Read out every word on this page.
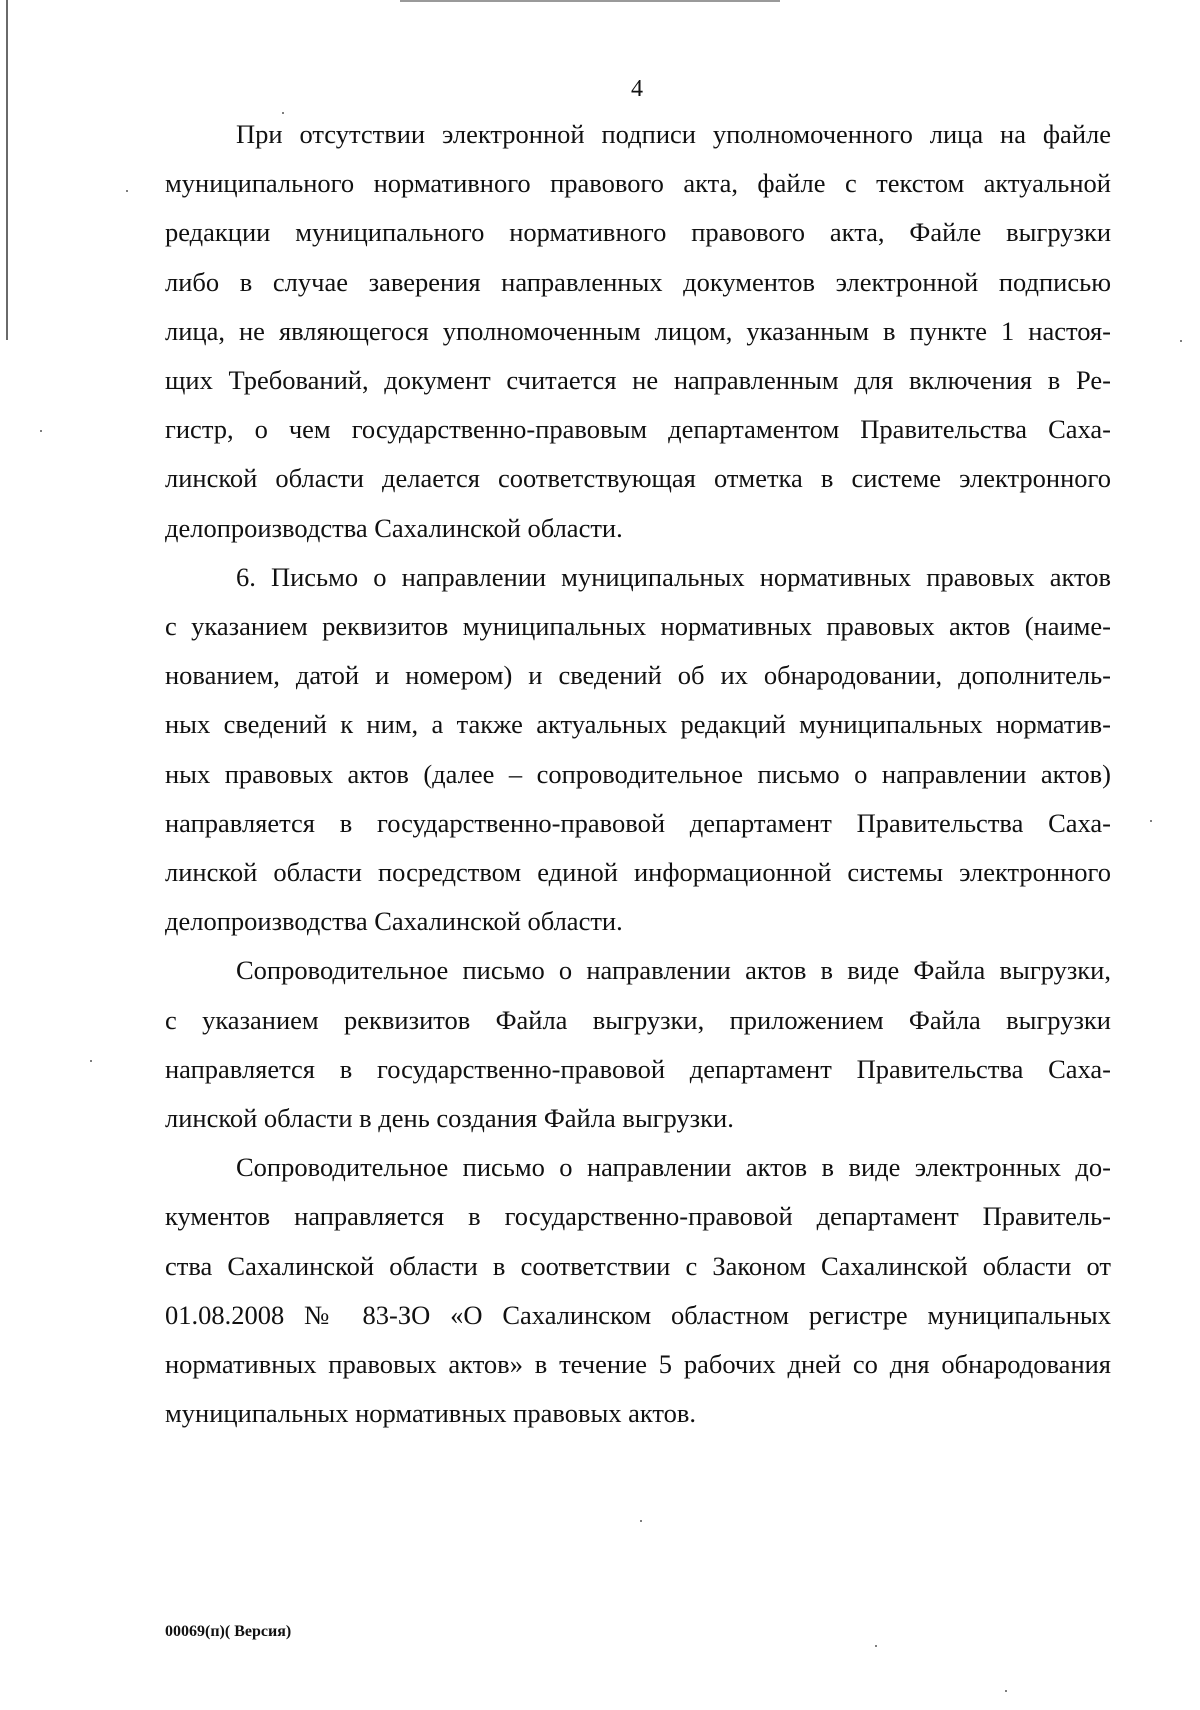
4

При отсутствии электронной подписи уполномоченного лица на файле
муниципального нормативного правового акта, файле с текстом актуальной
редакции муниципального нормативного правового акта, Файле выгрузки
либо в случае заверения направленных документов электронной подписью
лица, не являющегося уполномоченным лицом, указанным в пункте 1 настоя-
щих Требований, документ считается не направленным для включения в Ре-
гистр, о чем государственно-правовым департаментом Правительства Саха-
линской области делается соответствующая отметка в системе электронного
делопроизводства Сахалинской области.

6. Письмо о направлении муниципальных нормативных правовых актов
с указанием реквизитов муниципальных нормативных правовых актов (наиме-
нованием, датой и номером) и сведений об их обнародовании, дополнитель-
ных сведений к ним, а также актуальных редакций муниципальных норматив-
ных правовых актов (далее – сопроводительное письмо о направлении актов)
направляется в государственно-правовой департамент Правительства Саха-
линской области посредством единой информационной системы электронного
делопроизводства Сахалинской области.

Сопроводительное письмо о направлении актов в виде Файла выгрузки,
с указанием реквизитов Файла выгрузки, приложением Файла выгрузки
направляется в государственно-правовой департамент Правительства Саха-
линской области в день создания Файла выгрузки.

Сопроводительное письмо о направлении актов в виде электронных до-
кументов направляется в государственно-правовой департамент Правитель-
ства Сахалинской области в соответствии с Законом Сахалинской области от
01.08.2008 № 83-ЗО «О Сахалинском областном регистре муниципальных
нормативных правовых актов» в течение 5 рабочих дней со дня обнародования
муниципальных нормативных правовых актов.

00069(п)( Версия)
